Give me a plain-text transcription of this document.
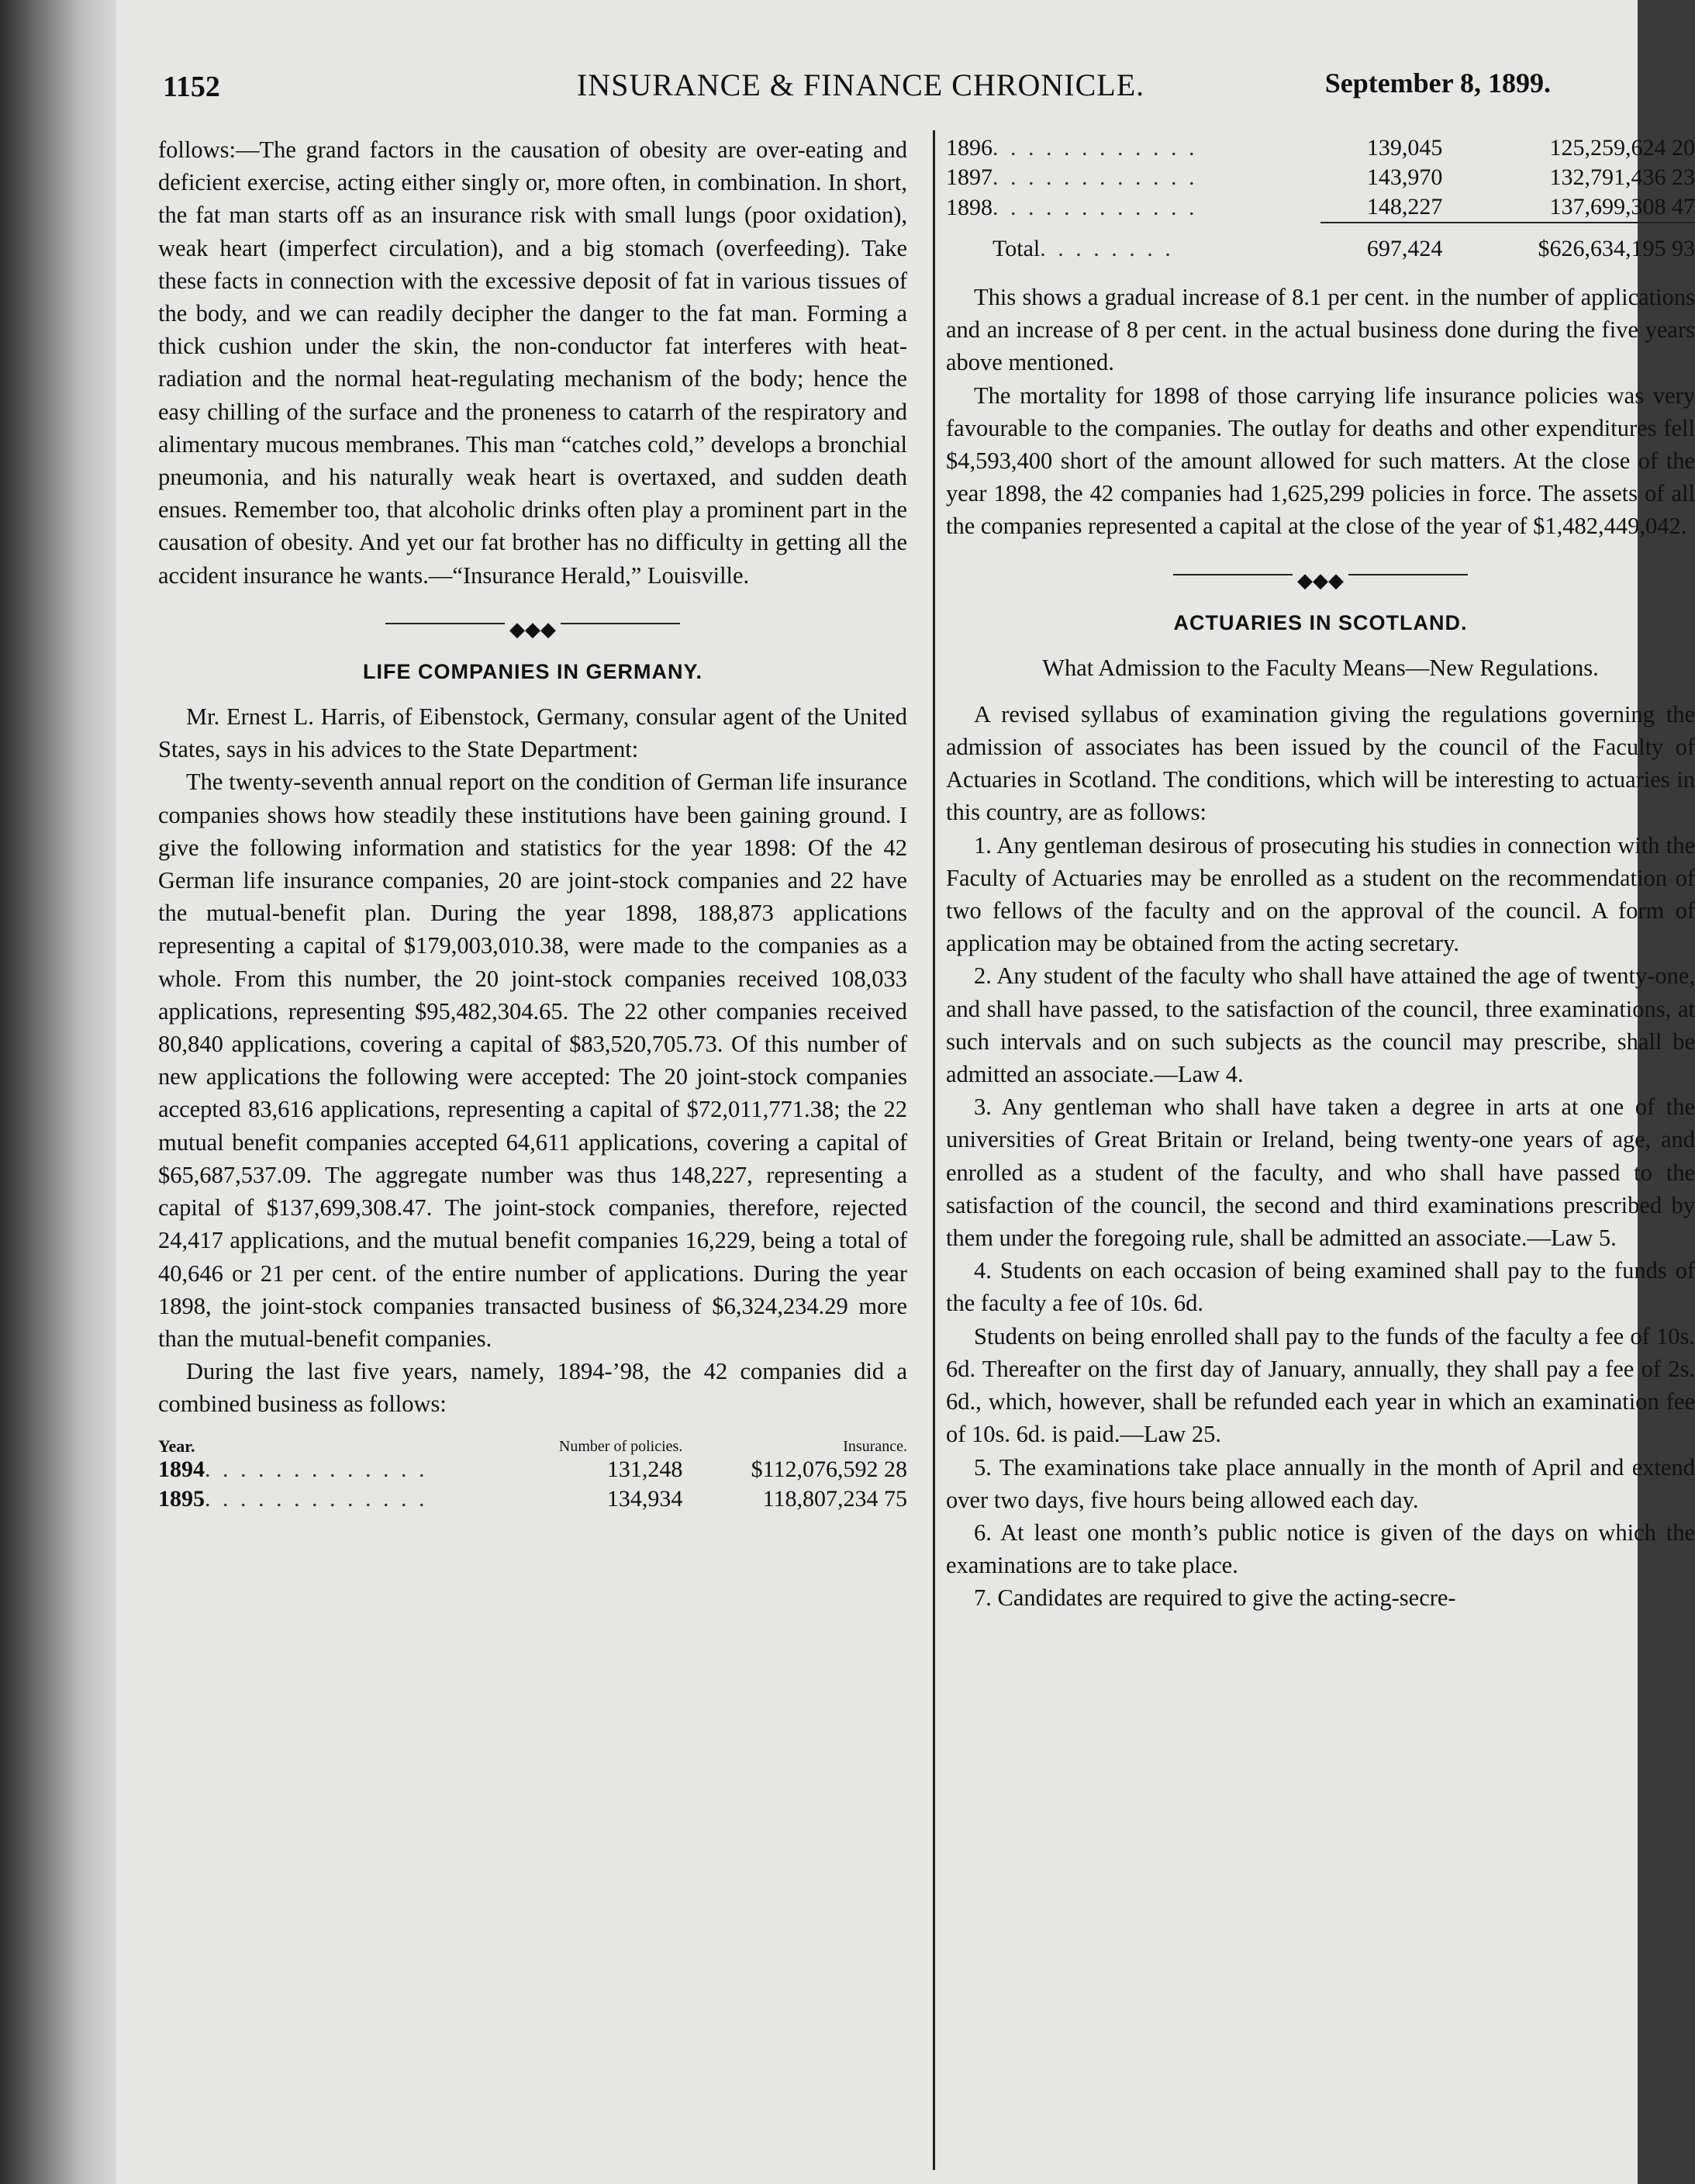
1152	INSURANCE & FINANCE CHRONICLE.	September 8, 1899.

follows:—The grand factors in the causation of obesity are over-eating and deficient exercise, acting either singly or, more often, in combination. In short, the fat man starts off as an insurance risk with small lungs (poor oxidation), weak heart (imperfect circulation), and a big stomach (overfeeding). Take these facts in connection with the excessive deposit of fat in various tissues of the body, and we can readily decipher the danger to the fat man. Forming a thick cushion under the skin, the non-conductor fat interferes with heat-radiation and the normal heat-regulating mechanism of the body; hence the easy chilling of the surface and the proneness to catarrh of the respiratory and alimentary mucous membranes. This man “catches cold,” develops a bronchial pneumonia, and his naturally weak heart is overtaxed, and sudden death ensues. Remember too, that alcoholic drinks often play a prominent part in the causation of obesity. And yet our fat brother has no difficulty in getting all the accident insurance he wants.—“Insurance Herald,” Louisville.

◆◆◆
LIFE COMPANIES IN GERMANY.

Mr. Ernest L. Harris, of Eibenstock, Germany, consular agent of the United States, says in his advices to the State Department:

The twenty-seventh annual report on the condition of German life insurance companies shows how steadily these institutions have been gaining ground. I give the following information and statistics for the year 1898: Of the 42 German life insurance companies, 20 are joint-stock companies and 22 have the mutual-benefit plan. During the year 1898, 188,873 applications representing a capital of $179,003,010.38, were made to the companies as a whole. From this number, the 20 joint-stock companies received 108,033 applications, representing $95,482,304.65. The 22 other companies received 80,840 applications, covering a capital of $83,520,705.73. Of this number of new applications the following were accepted: The 20 joint-stock companies accepted 83,616 applications, representing a capital of $72,011,771.38; the 22 mutual benefit companies accepted 64,611 applications, covering a capital of $65,687,537.09. The aggregate number was thus 148,227, representing a capital of $137,699,308.47. The joint-stock companies, therefore, rejected 24,417 applications, and the mutual benefit companies 16,229, being a total of 40,646 or 21 per cent. of the entire number of applications. During the year 1898, the joint-stock companies transacted business of $6,324,234.29 more than the mutual-benefit companies.

During the last five years, namely, 1894-’98, the 42 companies did a combined business as follows:

Year.	Number of policies.	Insurance.
1894. . . . . . . . . . . . .	131,248	$112,076,592 28
1895. . . . . . . . . . . . .	134,934	118,807,234 75
1896. . . . . . . . . . . .	139,045	125,259,624 20
1897. . . . . . . . . . . .	143,970	132,791,436 23
1898. . . . . . . . . . . .	148,227	137,699,308 47
Total. . . . . . . .	697,424	$626,634,195 93

This shows a gradual increase of 8.1 per cent. in the number of applications and an increase of 8 per cent. in the actual business done during the five years above mentioned.

The mortality for 1898 of those carrying life insurance policies was very favourable to the companies. The outlay for deaths and other expenditures fell $4,593,400 short of the amount allowed for such matters. At the close of the year 1898, the 42 companies had 1,625,299 policies in force. The assets of all the companies represented a capital at the close of the year of $1,482,449,042.

◆◆◆
ACTUARIES IN SCOTLAND.
What Admission to the Faculty Means—New Regulations.

A revised syllabus of examination giving the regulations governing the admission of associates has been issued by the council of the Faculty of Actuaries in Scotland. The conditions, which will be interesting to actuaries in this country, are as follows:

1. Any gentleman desirous of prosecuting his studies in connection with the Faculty of Actuaries may be enrolled as a student on the recommendation of two fellows of the faculty and on the approval of the council. A form of application may be obtained from the acting secretary.

2. Any student of the faculty who shall have attained the age of twenty-one, and shall have passed, to the satisfaction of the council, three examinations, at such intervals and on such subjects as the council may prescribe, shall be admitted an associate.—Law 4.

3. Any gentleman who shall have taken a degree in arts at one of the universities of Great Britain or Ireland, being twenty-one years of age, and enrolled as a student of the faculty, and who shall have passed to the satisfaction of the council, the second and third examinations prescribed by them under the foregoing rule, shall be admitted an associate.—Law 5.

4. Students on each occasion of being examined shall pay to the funds of the faculty a fee of 10s. 6d.

Students on being enrolled shall pay to the funds of the faculty a fee of 10s. 6d. Thereafter on the first day of January, annually, they shall pay a fee of 2s. 6d., which, however, shall be refunded each year in which an examination fee of 10s. 6d. is paid.—Law 25.

5. The examinations take place annually in the month of April and extend over two days, five hours being allowed each day.

6. At least one month’s public notice is given of the days on which the examinations are to take place.

7. Candidates are required to give the acting-secre-
